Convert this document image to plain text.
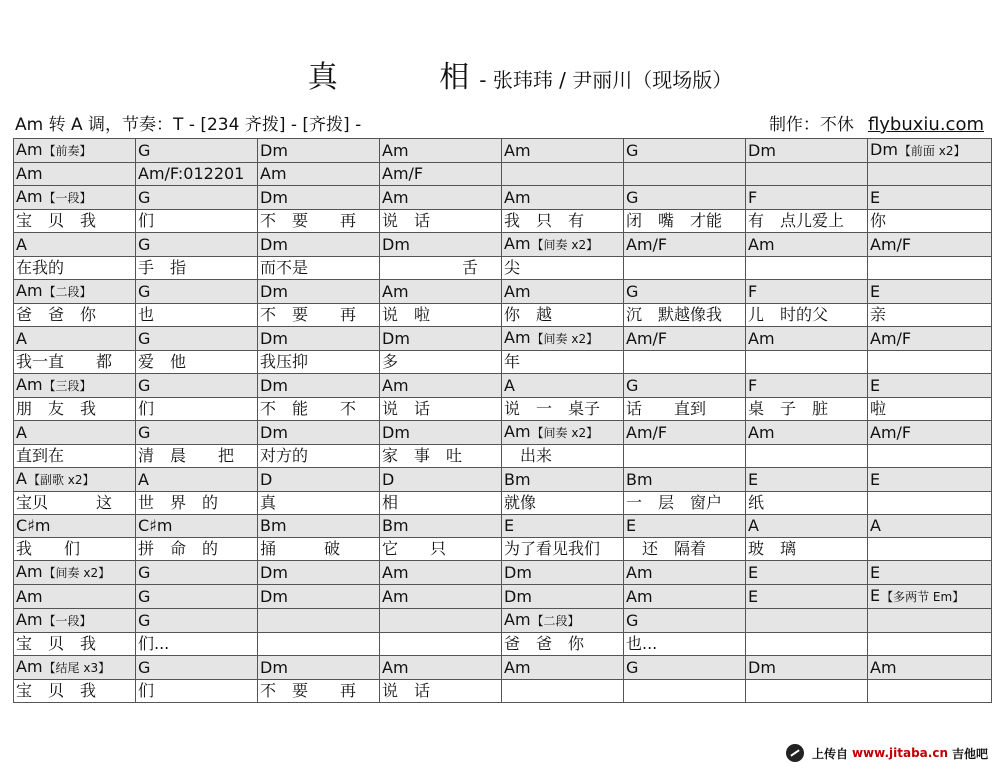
真 相- 张玮玮 / 尹丽川（现场版）
Am 转 A 调，节奏：T - [234 齐拨] - [齐拨] -	制作：不休 flybuxiu.com
Am【前奏】	G	Dm	Am	Am	G	Dm	Dm【前面 x2】
Am	Am/F:012201	Am	Am/F				
Am【一段】	G	Dm	Am	Am	G	F	E
宝　贝　我	们	不　要　　再	说　话	我　只　有	闭　嘴　才能	有　点儿爱上	你
A	G	Dm	Dm	Am【间奏 x2】	Am/F	Am	Am/F
在我的	手　指	而不是	　　　　　舌	尖			
Am【二段】	G	Dm	Am	Am	G	F	E
爸　爸　你	也	不　要　　再	说　啦	你　越	沉　默越像我	儿　时的父	亲
A	G	Dm	Dm	Am【间奏 x2】	Am/F	Am	Am/F
我一直　　都	爱　他	我压抑	多	年			
Am【三段】	G	Dm	Am	A	G	F	E
朋　友　我	们	不　能　　不	说　话	说　一　桌子	话　　直到	桌　子　脏	啦
A	G	Dm	Dm	Am【间奏 x2】	Am/F	Am	Am/F
直到在	清　晨　　把	对方的	家　事　吐	　出来			
A【副歌 x2】	A	D	D	Bm	Bm	E	E
宝贝　　　这	世　界　的	真	相	就像	一　层　窗户	纸	
C♯m	C♯m	Bm	Bm	E	E	A	A
我　　们	拼　命　的	捅　　　破	它　　只	为了看见我们	　还　隔着	玻　璃	
Am【间奏 x2】	G	Dm	Am	Dm	Am	E	E
Am	G	Dm	Am	Dm	Am	E	E【多两节 Em】
Am【一段】	G			Am【二段】	G		
宝　贝　我	们...			爸　爸　你	也...		
Am【结尾 x3】	G	Dm	Am	Am	G	Dm	Am
宝　贝　我	们	不　要　　再	说　话				
上传自 www.jitaba.cn 吉他吧
